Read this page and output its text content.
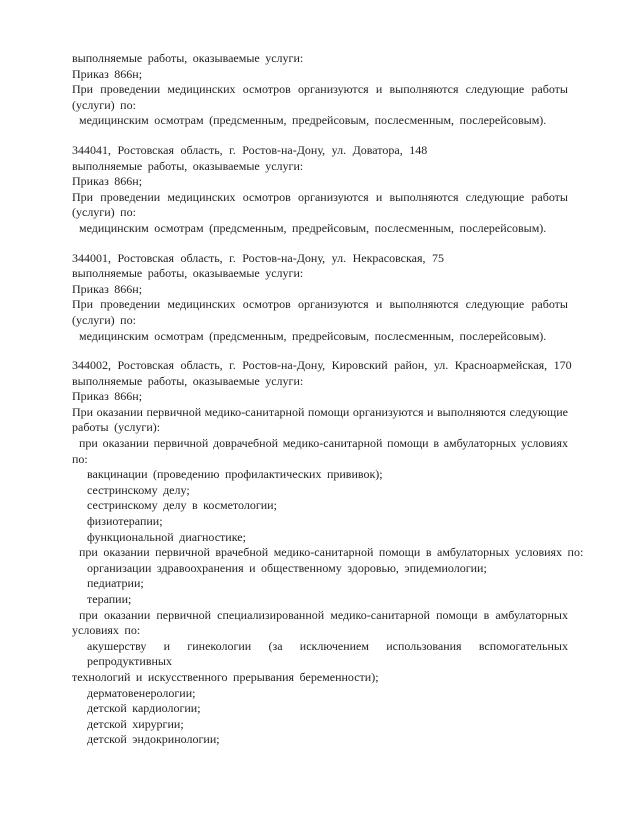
выполняемые работы, оказываемые услуги:
Приказ 866н;
При проведении медицинских осмотров организуются и выполняются следующие работы
(услуги) по:
медицинским осмотрам (предсменным, предрейсовым, послесменным, послерейсовым).
344041, Ростовская область, г. Ростов-на-Дону, ул. Доватора, 148
выполняемые работы, оказываемые услуги:
Приказ 866н;
При проведении медицинских осмотров организуются и выполняются следующие работы
(услуги) по:
медицинским осмотрам (предсменным, предрейсовым, послесменным, послерейсовым).
344001, Ростовская область, г. Ростов-на-Дону, ул. Некрасовская, 75
выполняемые работы, оказываемые услуги:
Приказ 866н;
При проведении медицинских осмотров организуются и выполняются следующие работы
(услуги) по:
медицинским осмотрам (предсменным, предрейсовым, послесменным, послерейсовым).
344002, Ростовская область, г. Ростов-на-Дону, Кировский район, ул. Красноармейская, 170
выполняемые работы, оказываемые услуги:
Приказ 866н;
При оказании первичной медико-санитарной помощи организуются и выполняются следующие
работы (услуги):
при оказании первичной доврачебной медико-санитарной помощи в амбулаторных условиях
по:
вакцинации (проведению профилактических прививок);
сестринскому делу;
сестринскому делу в косметологии;
физиотерапии;
функциональной диагностике;
при оказании первичной врачебной медико-санитарной помощи в амбулаторных условиях по:
организации здравоохранения и общественному здоровью, эпидемиологии;
педиатрии;
терапии;
при оказании первичной специализированной медико-санитарной помощи в амбулаторных
условиях по:
акушерству и гинекологии (за исключением использования вспомогательных репродуктивных
технологий и искусственного прерывания беременности);
дерматовенерологии;
детской кардиологии;
детской хирургии;
детской эндокринологии;
